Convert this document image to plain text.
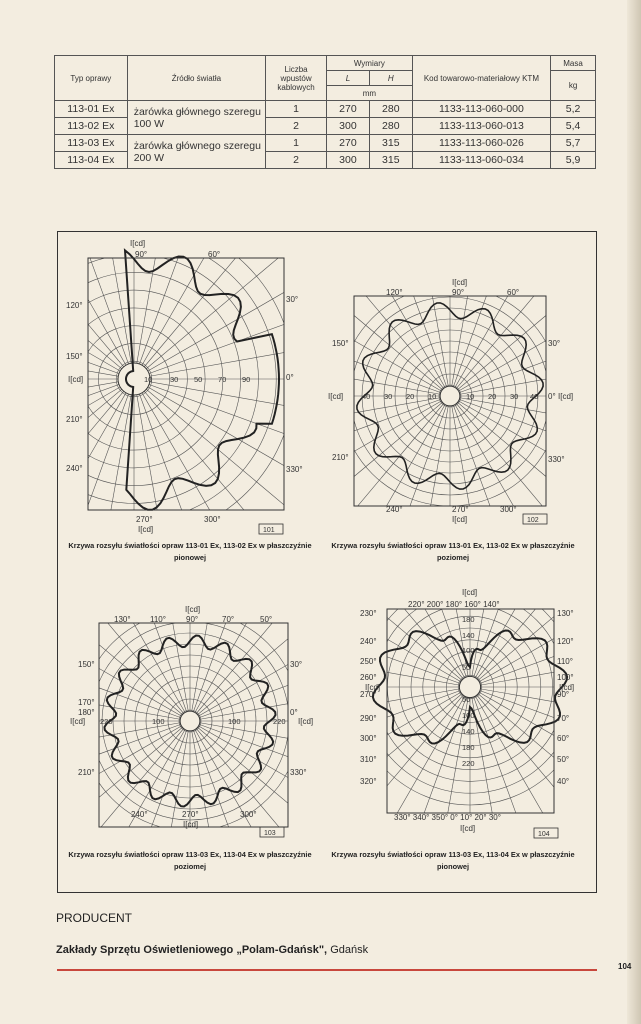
Typ oprawy	Źródło światła	Liczba wpustów kablowych	Wymiary		Kod towarowo-materiałowy KTM	Masa
			L	H		kg
			mm			
113-01 Ex	żarówka głównego szeregu 100 W	1	270	280	1133-113-060-000	5,2
113-02 Ex		2	300	280	1133-113-060-013	5,4
113-03 Ex	żarówka głównego szeregu 200 W	1	270	315	1133-113-060-026	5,7
113-04 Ex		2	300	315	1133-113-060-034	5,9
I[cd]
90°	60°
30°
0°
330°
300°
270°
I[cd]
240°
210°
150°
120°
I[cd]	10 30 50 70 90
101
Krzywa rozsyłu światłości opraw 113-01 Ex, 113-02 Ex w płaszczyźnie pionowej
I[cd]
90°
120°	60°
30°
0°
330°
300°
270°
I[cd]
240°
210°
150°
I[cd]	I[cd]
40 30 20 10	10 20 30 40
102
Krzywa rozsyłu światłości opraw 113-01 Ex, 113-02 Ex w płaszczyźnie poziomej
I[cd]
130° 110°	90°	70°	50°
30°
0°
330°
300°
270°
I[cd]
240°
210°
150°
170°
180°
I[cd]	I[cd]
220	100	100	220
103
Krzywa rozsyłu światłości opraw 113-03 Ex, 113-04 Ex w płaszczyźnie poziomej
180
140
100
50
50
100
140
180
220
I[cd]
220° 200° 180° 160° 140°
330° 340° 350° 0° 10° 20° 30°
I[cd]
230°
240°
250°
260°
270°
290°
300°
310°
320°
130°
120°
110°
100°
90°
70°
60°
50°
40°
I[cd]	I[cd]
104
Krzywa rozsyłu światłości opraw 113-03 Ex, 113-04 Ex w płaszczyźnie pionowej
PRODUCENT
Zakłady Sprzętu Oświetleniowego „Polam-Gdańsk", Gdańsk
104
